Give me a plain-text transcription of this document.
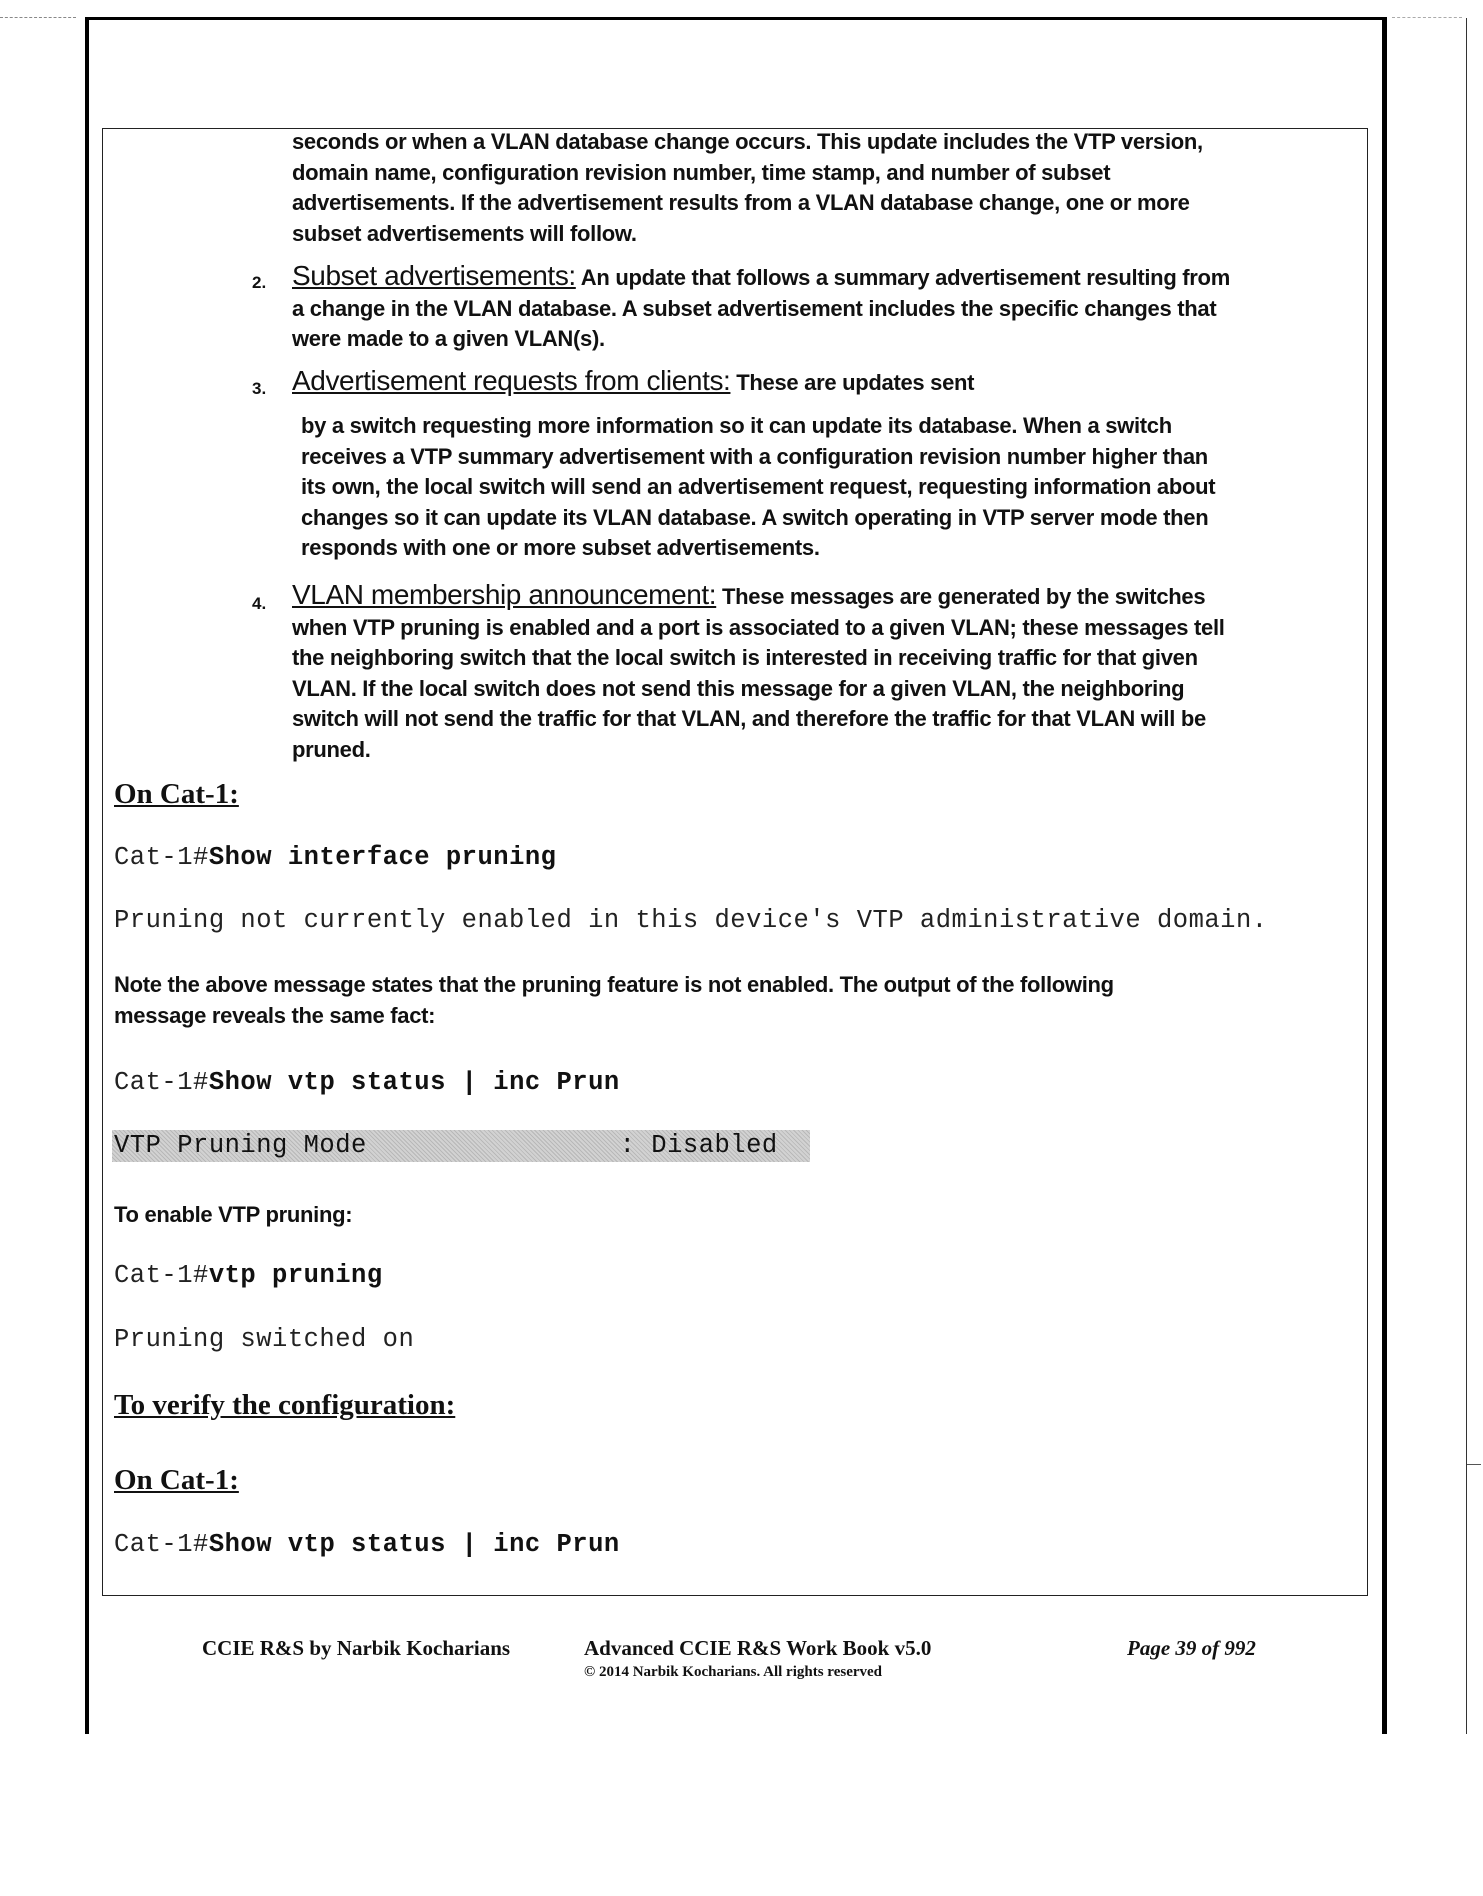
seconds or when a VLAN database change occurs. This update includes the VTP version,
domain name, configuration revision number, time stamp, and number of subset
advertisements. If the advertisement results from a VLAN database change, one or more
subset advertisements will follow.
2. Subset advertisements: An update that follows a summary advertisement resulting from
a change in the VLAN database. A subset advertisement includes the specific changes that
were made to a given VLAN(s).
3. Advertisement requests from clients: These are updates sent
by a switch requesting more information so it can update its database. When a switch
receives a VTP summary advertisement with a configuration revision number higher than
its own, the local switch will send an advertisement request, requesting information about
changes so it can update its VLAN database. A switch operating in VTP server mode then
responds with one or more subset advertisements.
4. VLAN membership announcement: These messages are generated by the switches
when VTP pruning is enabled and a port is associated to a given VLAN; these messages tell
the neighboring switch that the local switch is interested in receiving traffic for that given
VLAN. If the local switch does not send this message for a given VLAN, the neighboring
switch will not send the traffic for that VLAN, and therefore the traffic for that VLAN will be
pruned.
On Cat-1:
Cat-1#Show interface pruning
Pruning not currently enabled in this device's VTP administrative domain.
Note the above message states that the pruning feature is not enabled. The output of the following
message reveals the same fact:
Cat-1#Show vtp status | inc Prun
VTP Pruning Mode                : Disabled
To enable VTP pruning:
Cat-1#vtp pruning
Pruning switched on
To verify the configuration:
On Cat-1:
Cat-1#Show vtp status | inc Prun
CCIE R&S by Narbik Kocharians	Advanced CCIE R&S Work Book v5.0
© 2014 Narbik Kocharians. All rights reserved
Page 39 of 992
